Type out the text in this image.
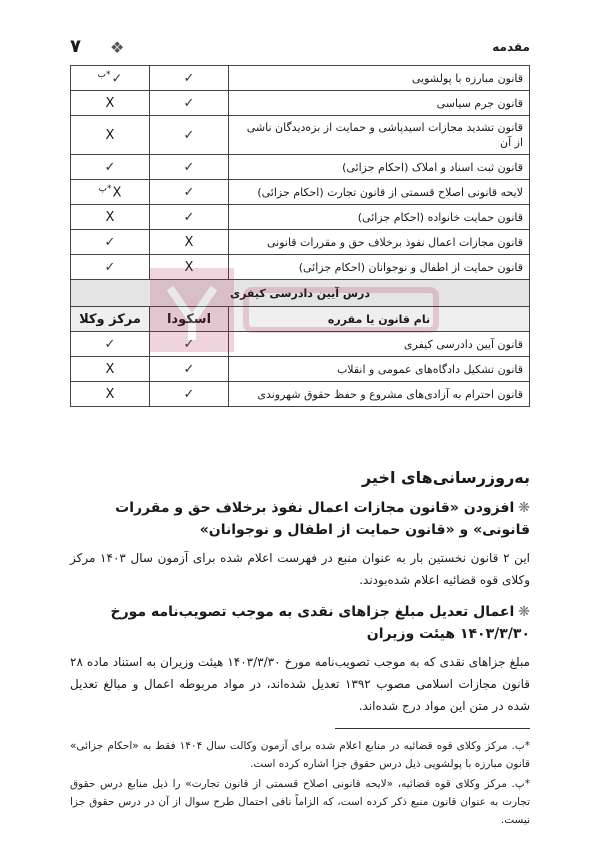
مقدمه
❖
۷
قانون مبارزه با پولشویی	✓	✓$^{*ب}$
قانون جرم سیاسی	✓	X
قانون تشدید مجازات اسیدپاشی و حمایت از بزه‌دیدگان ناشی از آن	✓	X
قانون ثبت اسناد و املاک (احکام جزائی)	✓	✓
لایحه قانونی اصلاح قسمتی از قانون تجارت (احکام جزائی)	✓	X$^{*پ}$
قانون حمایت خانواده (احکام جزائی)	✓	X
قانون مجازات اعمال نفوذ برخلاف حق و مقررات قانونی	X	✓
قانون حمایت از اطفال و نوجوانان (احکام جزائی)	X	✓
درس آیین دادرسی کیفری		
نام قانون یا مقرره	اسکودا	مرکز وکلا
قانون آیین دادرسی کیفری	✓	✓
قانون تشکیل دادگاه‌های عمومی و انقلاب	✓	X
قانون احترام به آزادی‌های مشروع و حفظ حقوق شهروندی	✓	X
به‌روزرسانی‌های اخیر

❋افزودن «قانون مجازات اعمال نفوذ برخلاف حق و مقررات قانونی» و «قانون حمایت از اطفال و نوجوانان»

این ۲ قانون نخستین بار به عنوان منبع در فهرست اعلام شده برای آزمون سال ۱۴۰۳ مرکز وکلای قوه قضائیه اعلام شده‌بودند.

❋اعمال تعدیل مبلغ جزاهای نقدی به موجب تصویب‌نامه مورخ ۱۴۰۳/۳/۳۰ هیئت وزیران

مبلغ جزاهای نقدی که به موجب تصویب‌نامه مورخ ۱۴۰۳/۳/۳۰ هیئت وزیران به استناد ماده ۲۸ قانون مجازات اسلامی مصوب ۱۳۹۲ تعدیل شده‌اند، در مواد مربوطه اعمال و مبالغ تعدیل شده در متن این مواد درج شده‌اند.

*ب. مرکز وکلای قوه قضائیه در منابع اعلام شده برای آزمون وکالت سال ۱۴۰۴ فقط به «احکام جزائی» قانون مبارزه با پولشویی ذیل درس حقوق جزا اشاره کرده است.

*پ. مرکز وکلای قوه قضائیه، «لایحه قانونی اصلاح قسمتی از قانون تجارت» را ذیل منابع درس حقوق تجارت به عنوان قانون منبع ذکر کرده است، که الزاماً نافی احتمال طرح سوال از آن در درس حقوق جزا نیست.
